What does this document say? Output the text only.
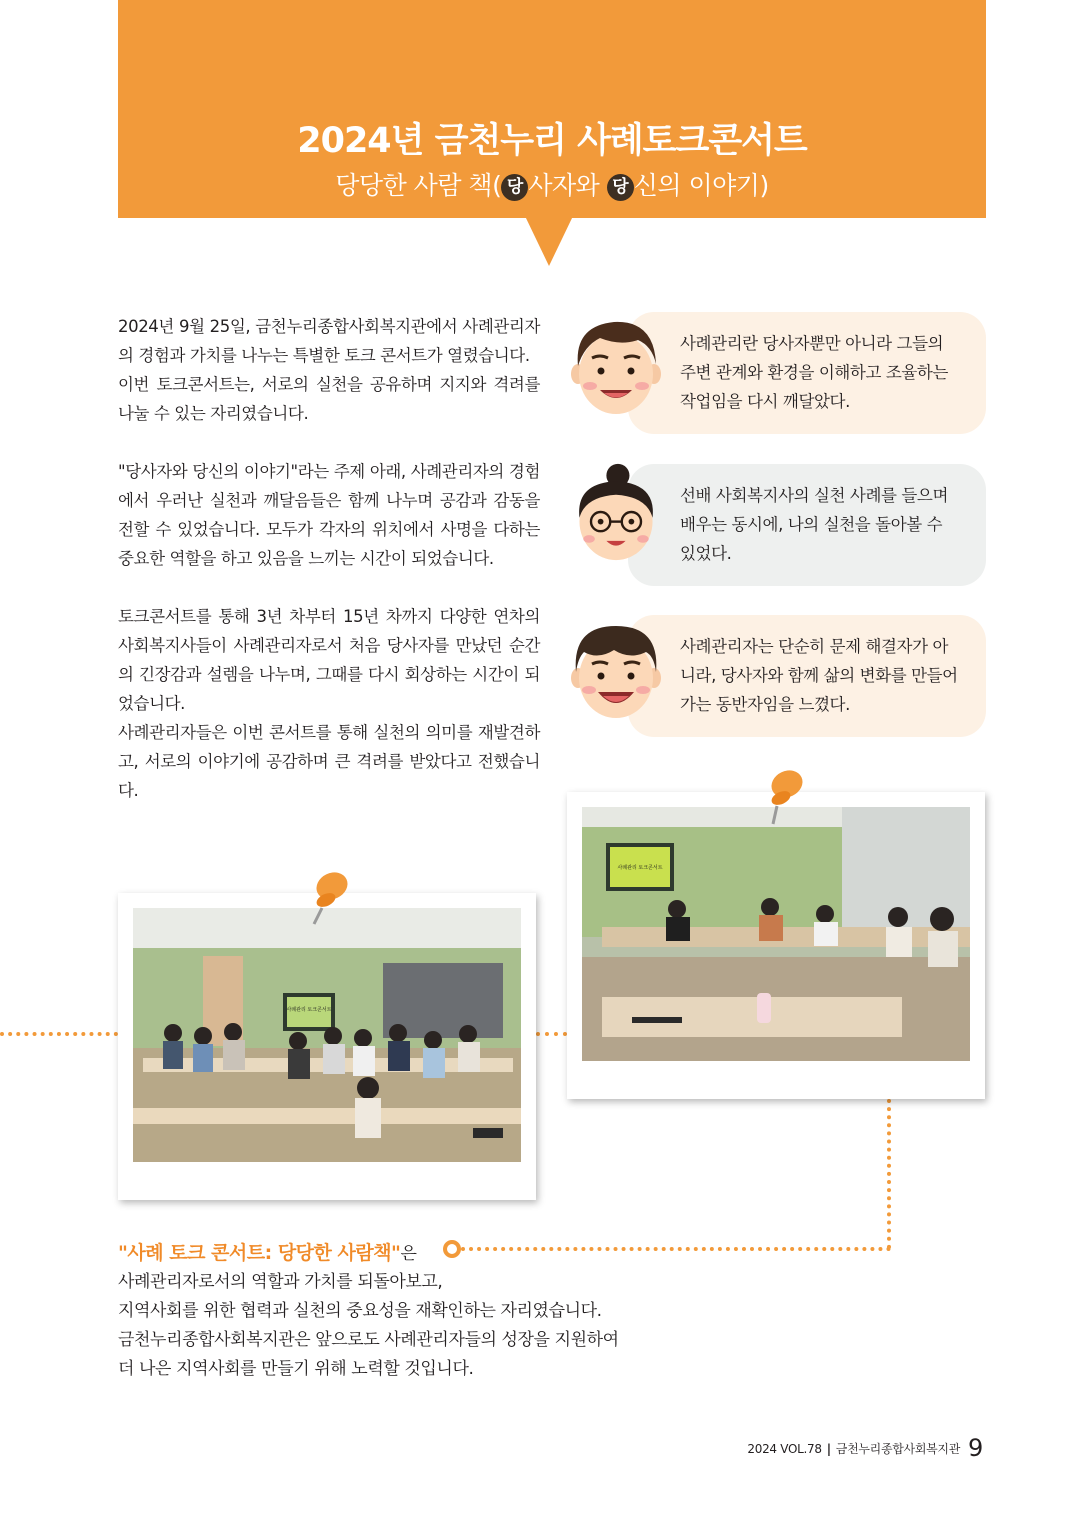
2024년 금천누리 사례토크콘서트
당당한 사람 책( 당 사자와 당 신의 이야기)

2024년 9월 25일, 금천누리종합사회복지관에서 사례관리자의 경험과 가치를 나누는 특별한 토크 콘서트가 열렸습니다.

이번 토크콘서트는, 서로의 실천을 공유하며 지지와 격려를 나눌 수 있는 자리였습니다.

"당사자와 당신의 이야기"라는 주제 아래, 사례관리자의 경험에서 우러난 실천과 깨달음들은 함께 나누며 공감과 감동을 전할 수 있었습니다. 모두가 각자의 위치에서 사명을 다하는 중요한 역할을 하고 있음을 느끼는 시간이 되었습니다.

토크콘서트를 통해 3년 차부터 15년 차까지 다양한 연차의 사회복지사들이 사례관리자로서 처음 당사자를 만났던 순간의 긴장감과 설렘을 나누며, 그때를 다시 회상하는 시간이 되었습니다.

사례관리자들은 이번 콘서트를 통해 실천의 의미를 재발견하고, 서로의 이야기에 공감하며 큰 격려를 받았다고 전했습니다.

사례관리란 당사자뿐만 아니라 그들의 주변 관계와 환경을 이해하고 조율하는 작업임을 다시 깨달았다.
선배 사회복지사의 실천 사례를 들으며 배우는 동시에, 나의 실천을 돌아볼 수 있었다.
사례관리자는 단순히 문제 해결자가 아니라, 당사자와 함께 삶의 변화를 만들어가는 동반자임을 느꼈다.
사례관리 토크콘서트
사례관리 토크콘서트
"사례 토크 콘서트: 당당한 사람책"은

사례관리자로서의 역할과 가치를 되돌아보고,

지역사회를 위한 협력과 실천의 중요성을 재확인하는 자리였습니다.

금천누리종합사회복지관은 앞으로도 사례관리자들의 성장을 지원하여

더 나은 지역사회를 만들기 위해 노력할 것입니다.

2024 VOL.78 | 금천누리종합사회복지관 9
